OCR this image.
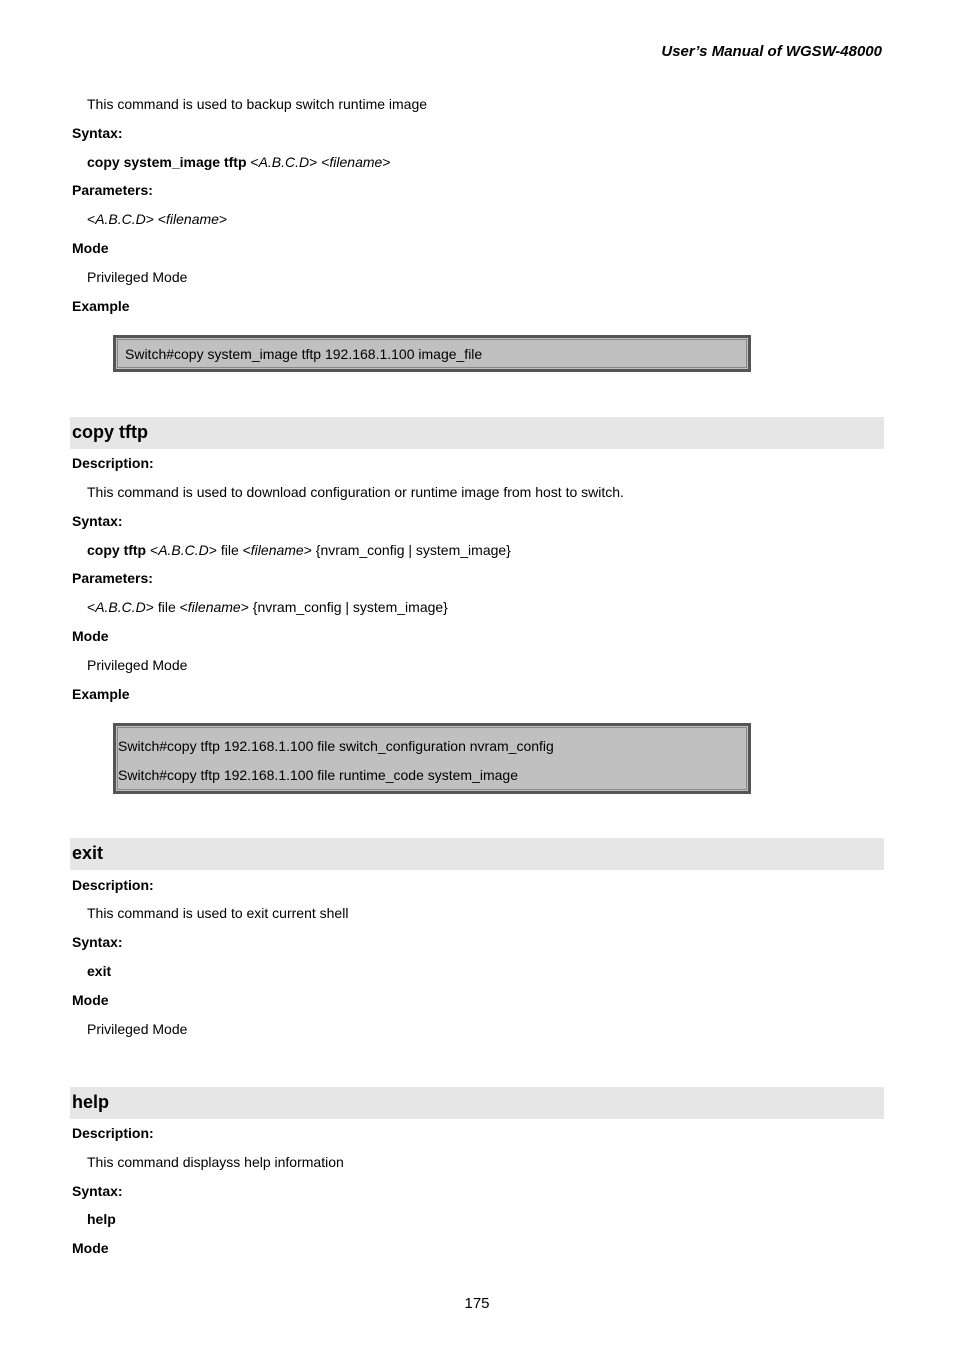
User’s Manual of WGSW-48000
This command is used to backup switch runtime image
Syntax:
copy system_image tftp <A.B.C.D> <filename>
Parameters:
<A.B.C.D> <filename>
Mode
Privileged Mode
Example
Switch#copy system_image tftp 192.168.1.100 image_file
copy tftp
Description:
This command is used to download configuration or runtime image from host to switch.
Syntax:
copy tftp <A.B.C.D> file <filename> {nvram_config | system_image}
Parameters:
<A.B.C.D> file <filename> {nvram_config | system_image}
Mode
Privileged Mode
Example
Switch#copy tftp 192.168.1.100 file switch_configuration nvram_config
Switch#copy tftp 192.168.1.100 file runtime_code system_image
exit
Description:
This command is used to exit current shell
Syntax:
exit
Mode
Privileged Mode
help
Description:
This command displayss help information
Syntax:
help
Mode
175
